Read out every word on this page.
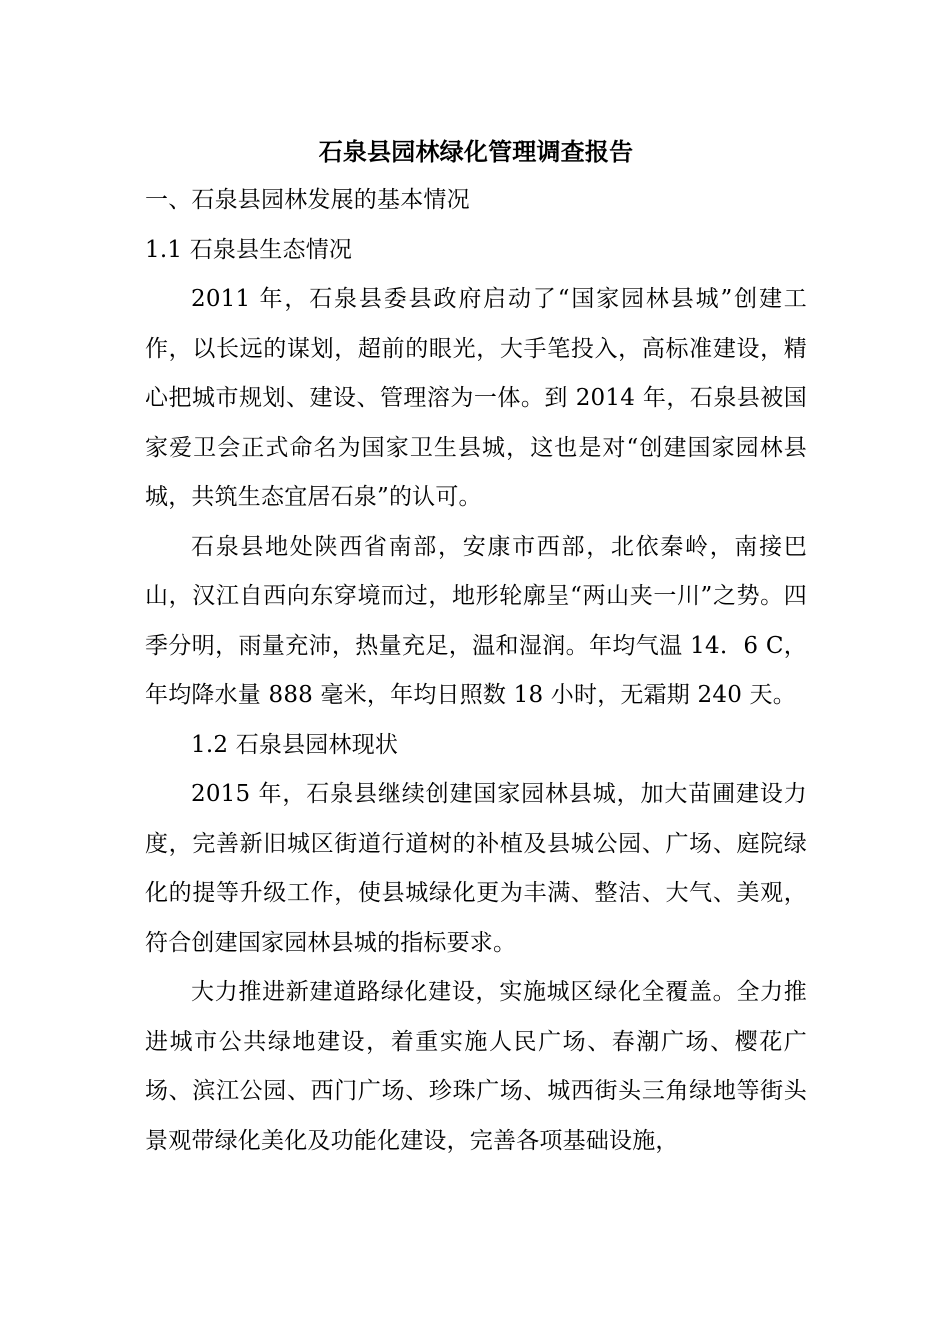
石泉县园林绿化管理调查报告

一、石泉县园林发展的基本情况

1.1 石泉县生态情况

2011 年，石泉县委县政府启动了“国家园林县城”创建工作，以长远的谋划，超前的眼光，大手笔投入，高标准建设，精心把城市规划、建设、管理溶为一体。到 2014 年，石泉县被国家爱卫会正式命名为国家卫生县城，这也是对“创建国家园林县城，共筑生态宜居石泉”的认可。

石泉县地处陕西省南部，安康市西部，北依秦岭，南接巴山，汉江自西向东穿境而过，地形轮廓呈“两山夹一川”之势。四季分明，雨量充沛，热量充足，温和湿润。年均气温 14．6 C，年均降水量 888 毫米，年均日照数 18 小时，无霜期 240 天。

1.2 石泉县园林现状

2015 年，石泉县继续创建国家园林县城，加大苗圃建设力度，完善新旧城区街道行道树的补植及县城公园、广场、庭院绿化的提等升级工作，使县城绿化更为丰满、整洁、大气、美观，符合创建国家园林县城的指标要求。

大力推进新建道路绿化建设，实施城区绿化全覆盖。全力推进城市公共绿地建设，着重实施人民广场、春潮广场、樱花广场、滨江公园、西门广场、珍珠广场、城西街头三角绿地等街头景观带绿化美化及功能化建设，完善各项基础设施，
